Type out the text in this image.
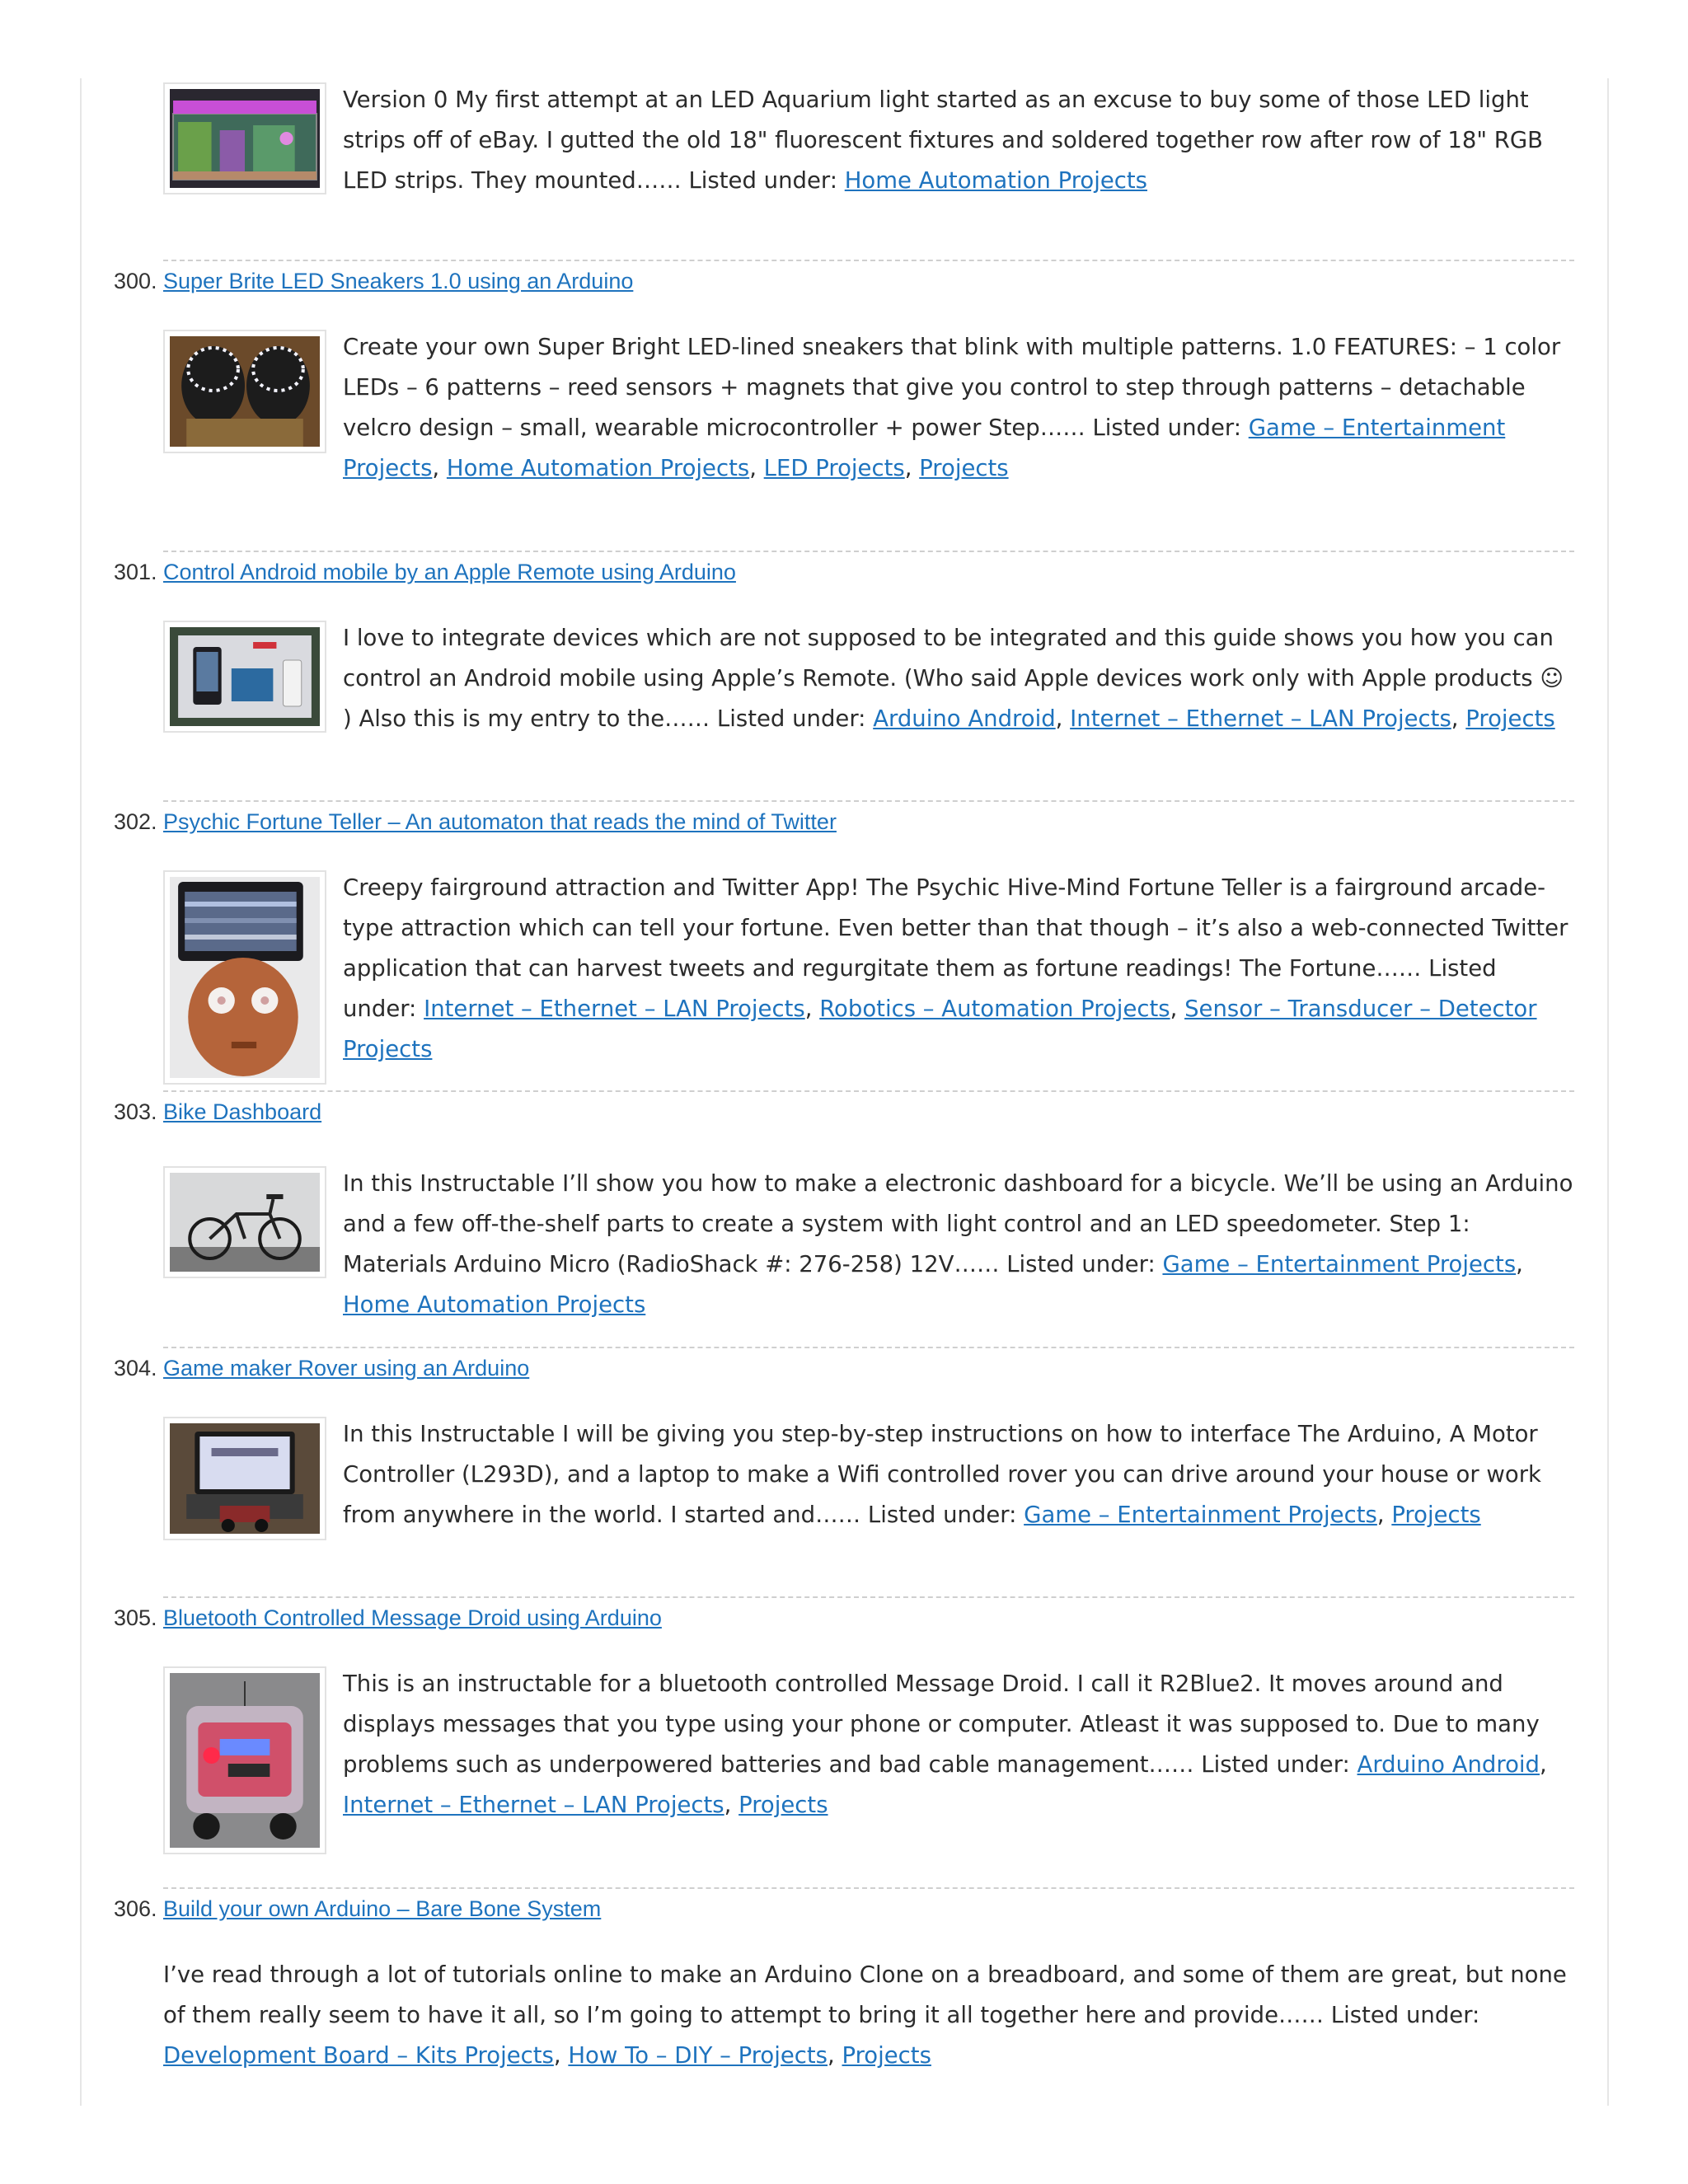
Version 0 My first attempt at an LED Aquarium light started as an excuse to buy some of those LED light strips off of eBay. I gutted the old 18" fluorescent fixtures and soldered together row after row of 18" RGB LED strips. They mounted…… Listed under: Home Automation Projects

300. Super Brite LED Sneakers 1.0 using an Arduino

Create your own Super Bright LED-lined sneakers that blink with multiple patterns. 1.0 FEATURES: – 1 color LEDs – 6 patterns – reed sensors + magnets that give you control to step through patterns – detachable velcro design – small, wearable microcontroller + power Step…… Listed under: Game – Entertainment Projects, Home Automation Projects, LED Projects, Projects

301. Control Android mobile by an Apple Remote using Arduino

I love to integrate devices which are not supposed to be integrated and this guide shows you how you can control an Android mobile using Apple’s Remote. (Who said Apple devices work only with Apple products ☺ ) Also this is my entry to the…… Listed under: Arduino Android, Internet – Ethernet – LAN Projects, Projects

302. Psychic Fortune Teller – An automaton that reads the mind of Twitter

Creepy fairground attraction and Twitter App! The Psychic Hive-Mind Fortune Teller is a fairground arcade-type attraction which can tell your fortune. Even better than that though – it’s also a web-connected Twitter application that can harvest tweets and regurgitate them as fortune readings! The Fortune…… Listed under: Internet – Ethernet – LAN Projects, Robotics – Automation Projects, Sensor – Transducer – Detector Projects

303. Bike Dashboard

In this Instructable I’ll show you how to make a electronic dashboard for a bicycle. We’ll be using an Arduino and a few off-the-shelf parts to create a system with light control and an LED speedometer. Step 1: Materials Arduino Micro (RadioShack #: 276-258) 12V…… Listed under: Game – Entertainment Projects, Home Automation Projects

304. Game maker Rover using an Arduino

In this Instructable I will be giving you step-by-step instructions on how to interface The Arduino, A Motor Controller (L293D), and a laptop to make a Wifi controlled rover you can drive around your house or work from anywhere in the world. I started and…… Listed under: Game – Entertainment Projects, Projects

305. Bluetooth Controlled Message Droid using Arduino

This is an instructable for a bluetooth controlled Message Droid. I call it R2Blue2. It moves around and displays messages that you type using your phone or computer. Atleast it was supposed to. Due to many problems such as underpowered batteries and bad cable management…… Listed under: Arduino Android, Internet – Ethernet – LAN Projects, Projects

306. Build your own Arduino – Bare Bone System

I’ve read through a lot of tutorials online to make an Arduino Clone on a breadboard, and some of them are great, but none of them really seem to have it all, so I’m going to attempt to bring it all together here and provide…… Listed under: Development Board – Kits Projects, How To – DIY – Projects, Projects
